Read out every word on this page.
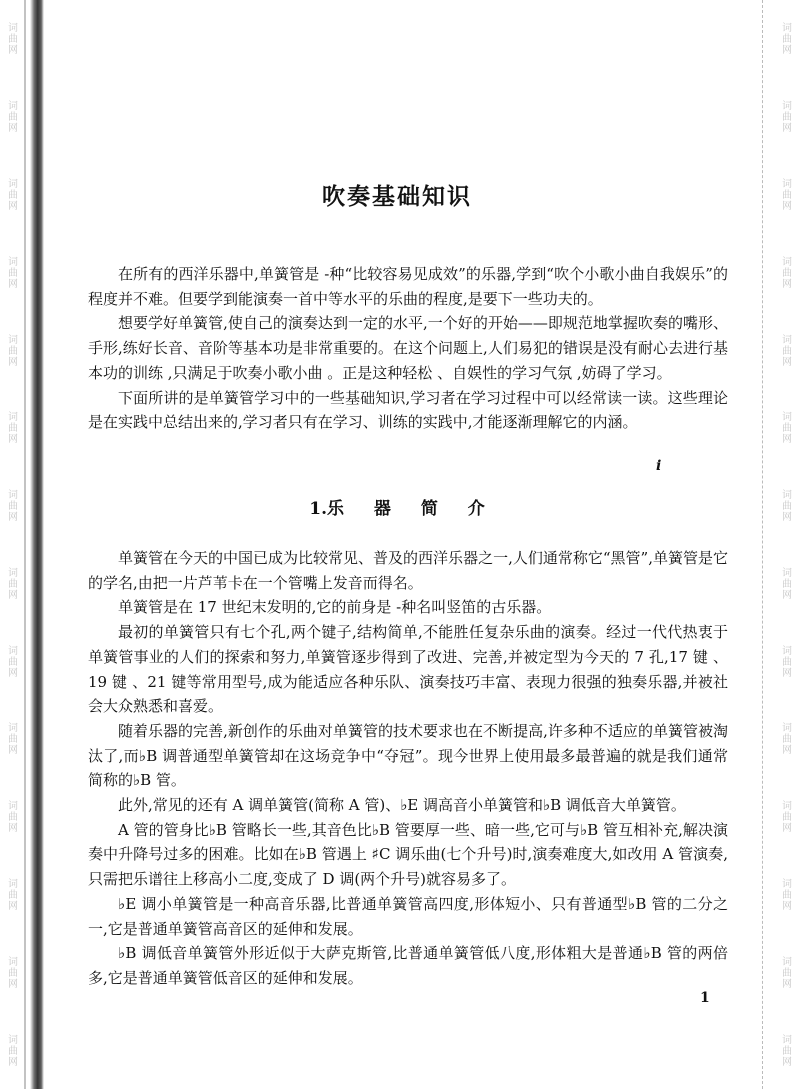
词曲网
词曲网
词曲网
词曲网
词曲网
词曲网
词曲网
词曲网
词曲网
词曲网
词曲网
词曲网
词曲网
词曲网
词曲网
词曲网
词曲网
词曲网
词曲网
词曲网
词曲网
词曲网
词曲网
词曲网
词曲网
词曲网
词曲网
词曲网
吹奏基础知识

在所有的西洋乐器中,单簧管是 -种“比较容易见成效”的乐器,学到“吹个小歌小曲自我娱乐”的程度并不难。但要学到能演奏一首中等水平的乐曲的程度,是要下一些功夫的。

想要学好单簧管,使自己的演奏达到一定的水平,一个好的开始——即规范地掌握吹奏的嘴形、手形,练好长音、音阶等基本功是非常重要的。在这个问题上,人们易犯的错误是没有耐心去进行基本功的训练 ,只满足于吹奏小歌小曲 。正是这种轻松 、自娱性的学习气氛 ,妨碍了学习。

下面所讲的是单簧管学习中的一些基础知识,学习者在学习过程中可以经常读一读。这些理论是在实践中总结出来的,学习者只有在学习、训练的实践中,才能逐渐理解它的内涵。

i
1.乐 器 简 介

单簧管在今天的中国已成为比较常见、普及的西洋乐器之一,人们通常称它“黑管”,单簧管是它的学名,由把一片芦苇卡在一个管嘴上发音而得名。

单簧管是在 17 世纪末发明的,它的前身是 -种名叫竖笛的古乐器。

最初的单簧管只有七个孔,两个键子,结构简单,不能胜任复杂乐曲的演奏。经过一代代热衷于单簧管事业的人们的探索和努力,单簧管逐步得到了改进、完善,并被定型为今天的 7 孔,17 键 、19 键 、21 键等常用型号,成为能适应各种乐队、演奏技巧丰富、表现力很强的独奏乐器,并被社会大众熟悉和喜爱。

随着乐器的完善,新创作的乐曲对单簧管的技术要求也在不断提高,许多种不适应的单簧管被淘汰了,而♭B 调普通型单簧管却在这场竞争中“夺冠”。现今世界上使用最多最普遍的就是我们通常简称的♭B 管。

此外,常见的还有 A 调单簧管(简称 A 管)、♭E 调高音小单簧管和♭B 调低音大单簧管。

A 管的管身比♭B 管略长一些,其音色比♭B 管要厚一些、暗一些,它可与♭B 管互相补充,解决演奏中升降号过多的困难。比如在♭B 管遇上 ♯C 调乐曲(七个升号)时,演奏难度大,如改用 A 管演奏,只需把乐谱往上移高小二度,变成了 D 调(两个升号)就容易多了。

♭E 调小单簧管是一种高音乐器,比普通单簧管高四度,形体短小、只有普通型♭B 管的二分之一,它是普通单簧管高音区的延伸和发展。

♭B 调低音单簧管外形近似于大萨克斯管,比普通单簧管低八度,形体粗大是普通♭B 管的两倍多,它是普通单簧管低音区的延伸和发展。

1
